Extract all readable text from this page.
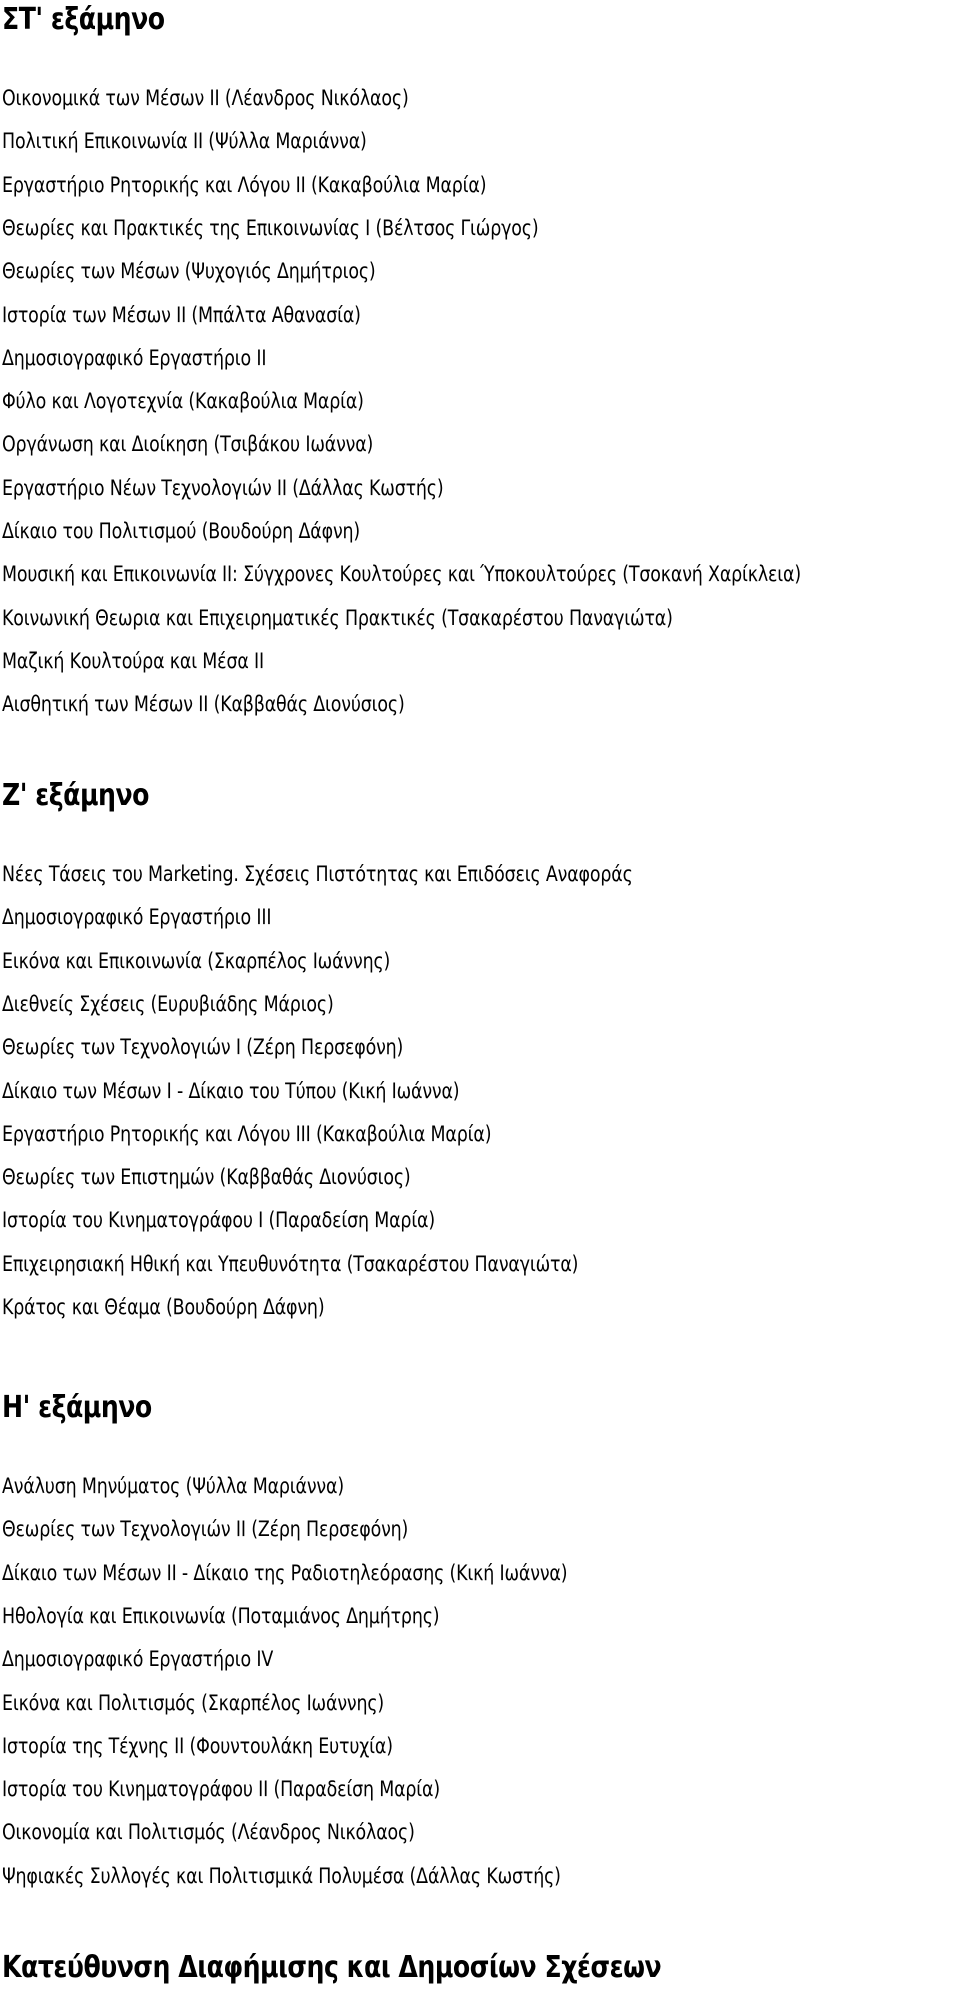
ΣΤ' εξάμηνο
Οικονομικά των Μέσων ΙΙ (Λέανδρος Νικόλαος)
Πολιτική Επικοινωνία ΙΙ (Ψύλλα Μαριάννα)
Εργαστήριο Ρητορικής και Λόγου ΙΙ (Κακαβούλια Μαρία)
Θεωρίες και Πρακτικές της Επικοινωνίας Ι (Βέλτσος Γιώργος)
Θεωρίες των Μέσων (Ψυχογιός Δημήτριος)
Ιστορία των Μέσων ΙΙ (Μπάλτα Αθανασία)
Δημοσιογραφικό Εργαστήριο ΙΙ
Φύλο και Λογοτεχνία (Κακαβούλια Μαρία)
Οργάνωση και Διοίκηση (Τσιβάκου Ιωάννα)
Εργαστήριο Νέων Τεχνολογιών ΙΙ (Δάλλας Κωστής)
Δίκαιο του Πολιτισμού (Βουδούρη Δάφνη)
Μουσική και Επικοινωνία ΙΙ: Σύγχρονες Κουλτούρες και Ύποκουλτούρες (Τσοκανή Χαρίκλεια)
Κοινωνική Θεωρια και Επιχειρηματικές Πρακτικές (Τσακαρέστου Παναγιώτα)
Μαζική Κουλτούρα και Μέσα ΙΙ
Αισθητική των Μέσων ΙΙ (Καββαθάς Διονύσιος)
Ζ' εξάμηνο
Νέες Τάσεις του Marketing. Σχέσεις Πιστότητας και Επιδόσεις Αναφοράς
Δημοσιογραφικό Εργαστήριο ΙΙΙ
Εικόνα και Επικοινωνία (Σκαρπέλος Ιωάννης)
Διεθνείς Σχέσεις (Ευρυβιάδης Μάριος)
Θεωρίες των Τεχνολογιών Ι (Ζέρη Περσεφόνη)
Δίκαιο των Μέσων Ι - Δίκαιο του Τύπου (Κική Ιωάννα)
Εργαστήριο Ρητορικής και Λόγου ΙΙΙ (Κακαβούλια Μαρία)
Θεωρίες των Επιστημών (Καββαθάς Διονύσιος)
Ιστορία του Κινηματογράφου Ι (Παραδείση Μαρία)
Επιχειρησιακή Ηθική και Υπευθυνότητα (Τσακαρέστου Παναγιώτα)
Κράτος και Θέαμα (Βουδούρη Δάφνη)
Η' εξάμηνο
Ανάλυση Μηνύματος (Ψύλλα Μαριάννα)
Θεωρίες των Τεχνολογιών ΙΙ (Ζέρη Περσεφόνη)
Δίκαιο των Μέσων ΙΙ - Δίκαιο της Ραδιοτηλεόρασης (Κική Ιωάννα)
Ηθολογία και Επικοινωνία (Ποταμιάνος Δημήτρης)
Δημοσιογραφικό Εργαστήριο IV
Εικόνα και Πολιτισμός (Σκαρπέλος Ιωάννης)
Ιστορία της Τέχνης ΙΙ (Φουντουλάκη Ευτυχία)
Ιστορία του Κινηματογράφου ΙΙ (Παραδείση Μαρία)
Οικονομία και Πολιτισμός (Λέανδρος Νικόλαος)
Ψηφιακές Συλλογές και Πολιτισμικά Πολυμέσα (Δάλλας Κωστής)
Κατεύθυνση Διαφήμισης και Δημοσίων Σχέσεων
